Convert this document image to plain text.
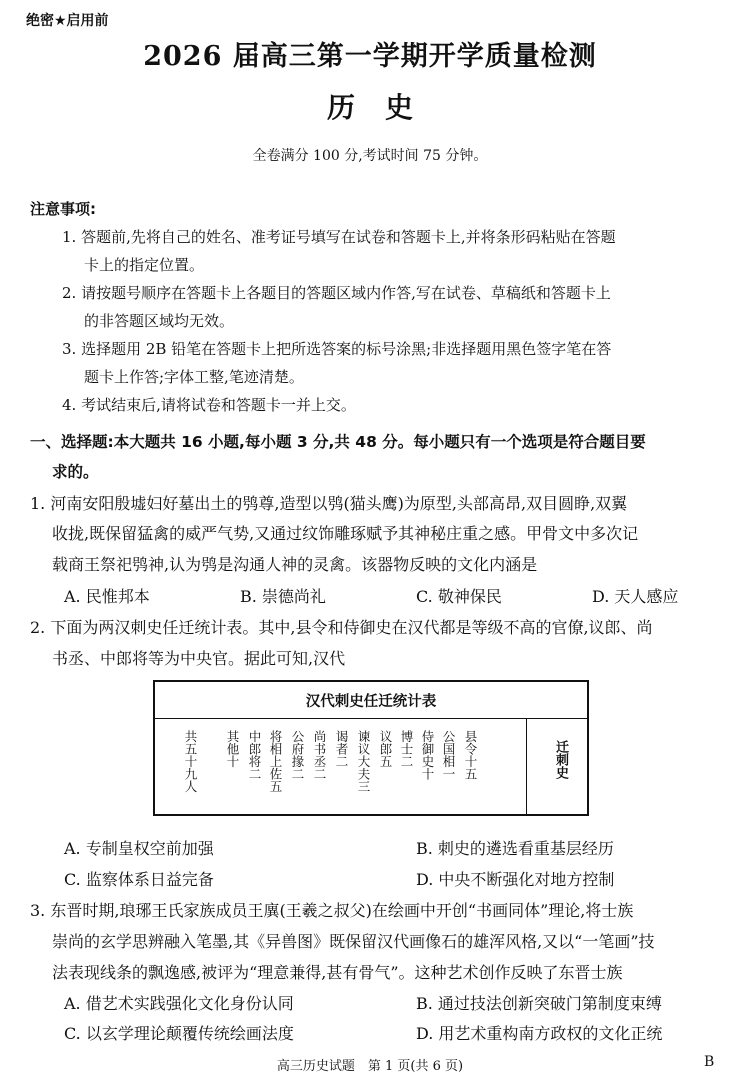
绝密★启用前
2026 届高三第一学期开学质量检测
历史
全卷满分 100 分,考试时间 75 分钟。
注意事项:
1. 答题前,先将自己的姓名、准考证号填写在试卷和答题卡上,并将条形码粘贴在答题
卡上的指定位置。
2. 请按题号顺序在答题卡上各题目的答题区域内作答,写在试卷、草稿纸和答题卡上
的非答题区域均无效。
3. 选择题用 2B 铅笔在答题卡上把所选答案的标号涂黑;非选择题用黑色签字笔在答
题卡上作答;字体工整,笔迹清楚。
4. 考试结束后,请将试卷和答题卡一并上交。
一、选择题:本大题共 16 小题,每小题 3 分,共 48 分。每小题只有一个选项是符合题目要
求的。
1. 河南安阳殷墟妇好墓出土的鸮尊,造型以鸮(猫头鹰)为原型,头部高昂,双目圆睁,双翼
收拢,既保留猛禽的威严气势,又通过纹饰雕琢赋予其神秘庄重之感。甲骨文中多次记
载商王祭祀鸮神,认为鸮是沟通人神的灵禽。该器物反映的文化内涵是
A. 民惟邦本	B. 崇德尚礼	C. 敬神保民	D. 天人感应
2. 下面为两汉刺史任迁统计表。其中,县令和侍御史在汉代都是等级不高的官僚,议郎、尚
书丞、中郎将等为中央官。据此可知,汉代
汉代刺史任迁统计表
共五十九人 其他十 中郎将二 将相上佐五 公府掾二 尚书丞二 谒者二 谏议大夫三 议郎五 博士二 侍御史十 公国相一 县令十五	迁刺史
A. 专制皇权空前加强	B. 刺史的遴选看重基层经历
C. 监察体系日益完备	D. 中央不断强化对地方控制
3. 东晋时期,琅琊王氏家族成员王廙(王羲之叔父)在绘画中开创“书画同体”理论,将士族
崇尚的玄学思辨融入笔墨,其《异兽图》既保留汉代画像石的雄浑风格,又以“一笔画”技
法表现线条的飘逸感,被评为“理意兼得,甚有骨气”。这种艺术创作反映了东晋士族
A. 借艺术实践强化文化身份认同	B. 通过技法创新突破门第制度束缚
C. 以玄学理论颠覆传统绘画法度	D. 用艺术重构南方政权的文化正统
高三历史试题　第 1 页(共 6 页)	B
